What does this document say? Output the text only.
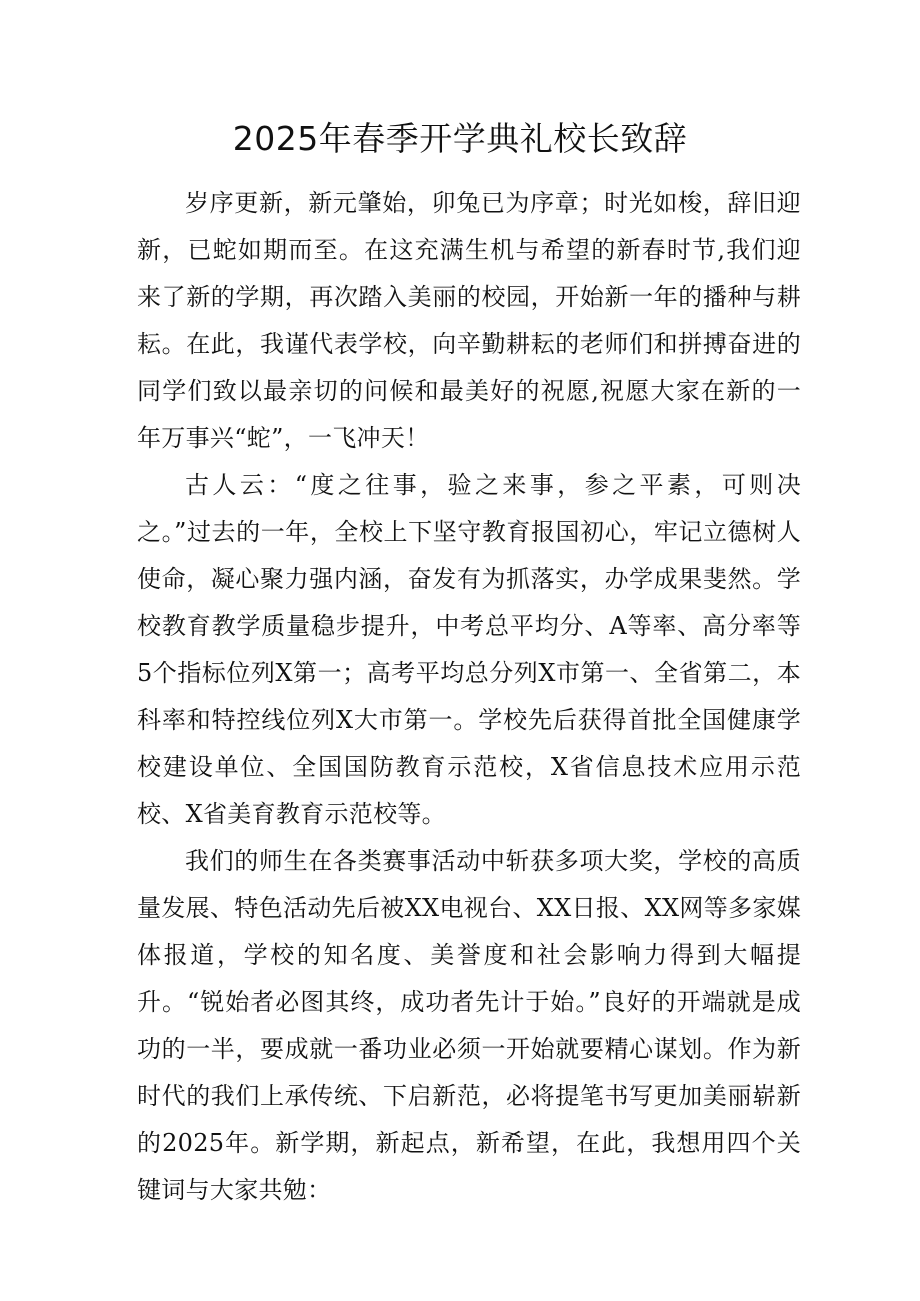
2025年春季开学典礼校长致辞

岁序更新，新元肇始，卯兔已为序章；时光如梭，辞旧迎新，已蛇如期而至。在这充满生机与希望的新春时节,我们迎来了新的学期，再次踏入美丽的校园，开始新一年的播种与耕耘。在此，我谨代表学校，向辛勤耕耘的老师们和拼搏奋进的同学们致以最亲切的问候和最美好的祝愿,祝愿大家在新的一年万事兴“蛇”，一飞冲天！

古人云：“度之往事，验之来事，参之平素，可则决之。”过去的一年，全校上下坚守教育报国初心，牢记立德树人使命，凝心聚力强内涵，奋发有为抓落实，办学成果斐然。学校教育教学质量稳步提升，中考总平均分、A等率、高分率等5个指标位列X第一；高考平均总分列X市第一、全省第二，本科率和特控线位列X大市第一。学校先后获得首批全国健康学校建设单位、全国国防教育示范校，X省信息技术应用示范校、X省美育教育示范校等。

我们的师生在各类赛事活动中斩获多项大奖，学校的高质量发展、特色活动先后被XX电视台、XX日报、XX网等多家媒体报道，学校的知名度、美誉度和社会影响力得到大幅提升。“锐始者必图其终，成功者先计于始。”良好的开端就是成功的一半，要成就一番功业必须一开始就要精心谋划。作为新时代的我们上承传统、下启新范，必将提笔书写更加美丽崭新的2025年。新学期，新起点，新希望，在此，我想用四个关键词与大家共勉：
